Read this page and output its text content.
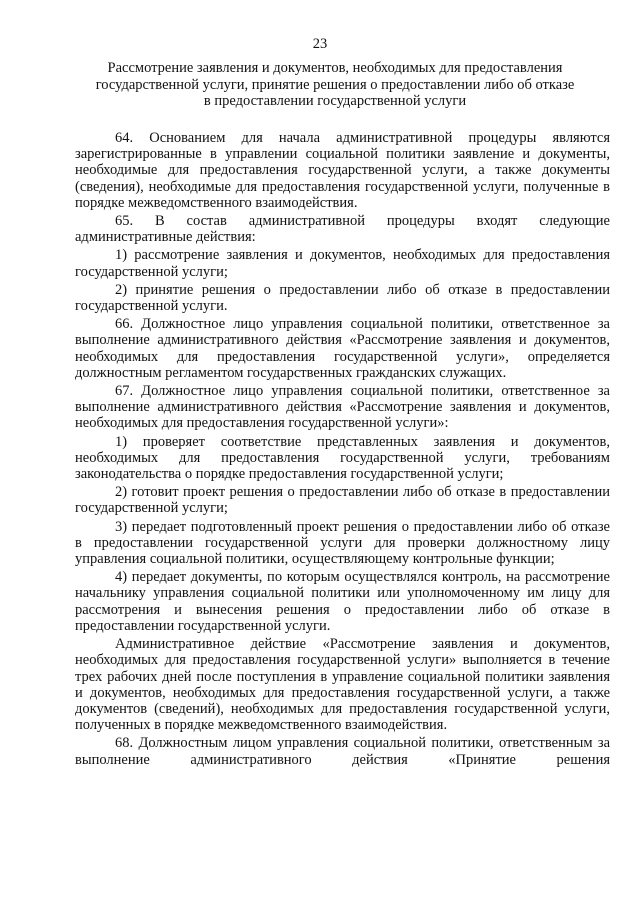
23
Рассмотрение заявления и документов, необходимых для предоставления
государственной услуги, принятие решения о предоставлении либо об отказе
в предоставлении государственной услуги

64. Основанием для начала административной процедуры являются зарегистрированные в управлении социальной политики заявление и документы, необходимые для предоставления государственной услуги, а также документы (сведения), необходимые для предоставления государственной услуги, полученные в порядке межведомственного взаимодействия.

65. В состав административной процедуры входят следующие административные действия:

1) рассмотрение заявления и документов, необходимых для предоставления государственной услуги;

2) принятие решения о предоставлении либо об отказе в предоставлении государственной услуги.

66. Должностное лицо управления социальной политики, ответственное за выполнение административного действия «Рассмотрение заявления и документов, необходимых для предоставления государственной услуги», определяется должностным регламентом государственных гражданских служащих.

67. Должностное лицо управления социальной политики, ответственное за выполнение административного действия «Рассмотрение заявления и документов, необходимых для предоставления государственной услуги»:

1) проверяет соответствие представленных заявления и документов, необходимых для предоставления государственной услуги, требованиям законодательства о порядке предоставления государственной услуги;

2) готовит проект решения о предоставлении либо об отказе в предоставлении государственной услуги;

3) передает подготовленный проект решения о предоставлении либо об отказе в предоставлении государственной услуги для проверки должностному лицу управления социальной политики, осуществляющему контрольные функции;

4) передает документы, по которым осуществлялся контроль, на рассмотрение начальнику управления социальной политики или уполномоченному им лицу для рассмотрения и вынесения решения о предоставлении либо об отказе в предоставлении государственной услуги.

Административное действие «Рассмотрение заявления и документов, необходимых для предоставления государственной услуги» выполняется в течение трех рабочих дней после поступления в управление социальной политики заявления и документов, необходимых для предоставления государственной услуги, а также документов (сведений), необходимых для предоставления государственной услуги, полученных в порядке межведомственного взаимодействия.

68. Должностным лицом управления социальной политики, ответственным за выполнение административного действия «Принятие решения
